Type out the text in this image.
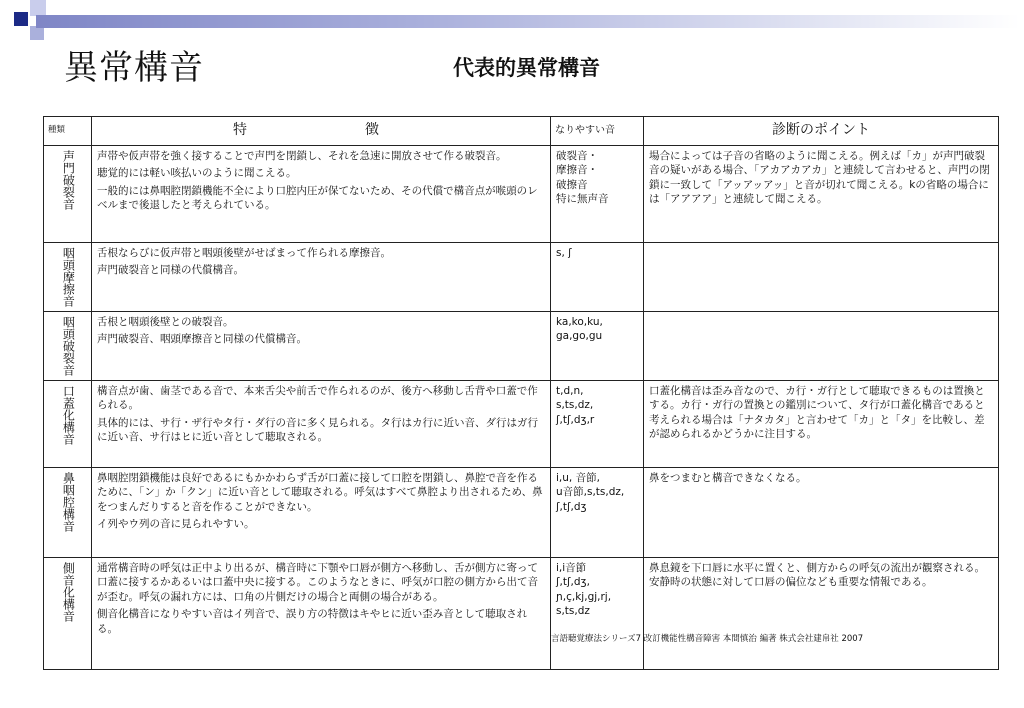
異常構音	代表的異常構音
種類	特　　徴	なりやすい音	診断のポイント

声門破裂音	声帯や仮声帯を強く接することで声門を閉鎖し、それを急速に開放させて作る破裂音。
聴覚的には軽い咳払いのように聞こえる。
一般的には鼻咽腔閉鎖機能不全により口腔内圧が保てないため、その代償で構音点が喉頭のレベルまで後退したと考えられている。	破裂音・
摩擦音・
破擦音
特に無声音	場合によっては子音の省略のように聞こえる。例えば「カ」が声門破裂音の疑いがある場合、「アカアカアカ」と連続して言わせると、声門の閉鎖に一致して「アッアッアッ」と音が切れて聞こえる。kの省略の場合には「アアアア」と連続して聞こえる。

咽頭摩擦音	舌根ならびに仮声帯と咽頭後壁がせばまって作られる摩擦音。
声門破裂音と同様の代償構音。	s, ʃ	

咽頭破裂音	舌根と咽頭後壁との破裂音。
声門破裂音、咽頭摩擦音と同様の代償構音。	ka,ko,ku,
ga,go,gu	

口蓋化構音	構音点が歯、歯茎である音で、本来舌尖や前舌で作られるのが、後方へ移動し舌背や口蓋で作られる。
具体的には、サ行・ザ行やタ行・ダ行の音に多く見られる。タ行はカ行に近い音、ダ行はガ行に近い音、サ行はヒに近い音として聴取される。	t,d,n,
s,ts,dz,
ʃ,tʃ,dʒ,r	口蓋化構音は歪み音なので、カ行・ガ行として聴取できるものは置換とする。カ行・ガ行の置換との鑑別について、タ行が口蓋化構音であると考えられる場合は「ナタカタ」と言わせて「カ」と「タ」を比較し、差が認められるかどうかに注目する。

鼻咽腔構音	鼻咽腔閉鎖機能は良好であるにもかかわらず舌が口蓋に接して口腔を閉鎖し、鼻腔で音を作るために、「ン」か「クン」に近い音として聴取される。呼気はすべて鼻腔より出されるため、鼻をつまんだりすると音を作ることができない。
イ列やウ列の音に見られやすい。	i,u, 音節,
u音節,s,ts,dz,
ʃ,tʃ,dʒ	鼻をつまむと構音できなくなる。

側音化構音	通常構音時の呼気は正中より出るが、構音時に下顎や口唇が側方へ移動し、舌が側方に寄って口蓋に接するかあるいは口蓋中央に接する。このようなときに、呼気が口腔の側方から出て音が歪む。呼気の漏れ方には、口角の片側だけの場合と両側の場合がある。
側音化構音になりやすい音はイ列音で、誤り方の特徴はキやヒに近い歪み音として聴取される。	i,i音節
ʃ,tʃ,dʒ,
ɲ,ç,kj,gj,rj,
s,ts,dz	鼻息鏡を下口唇に水平に置くと、側方からの呼気の流出が観察される。安静時の状態に対して口唇の偏位なども重要な情報である。

言語聴覚療法シリーズ7 改訂機能性構音障害 本間慎治 編著 株式会社建帛社 2007
